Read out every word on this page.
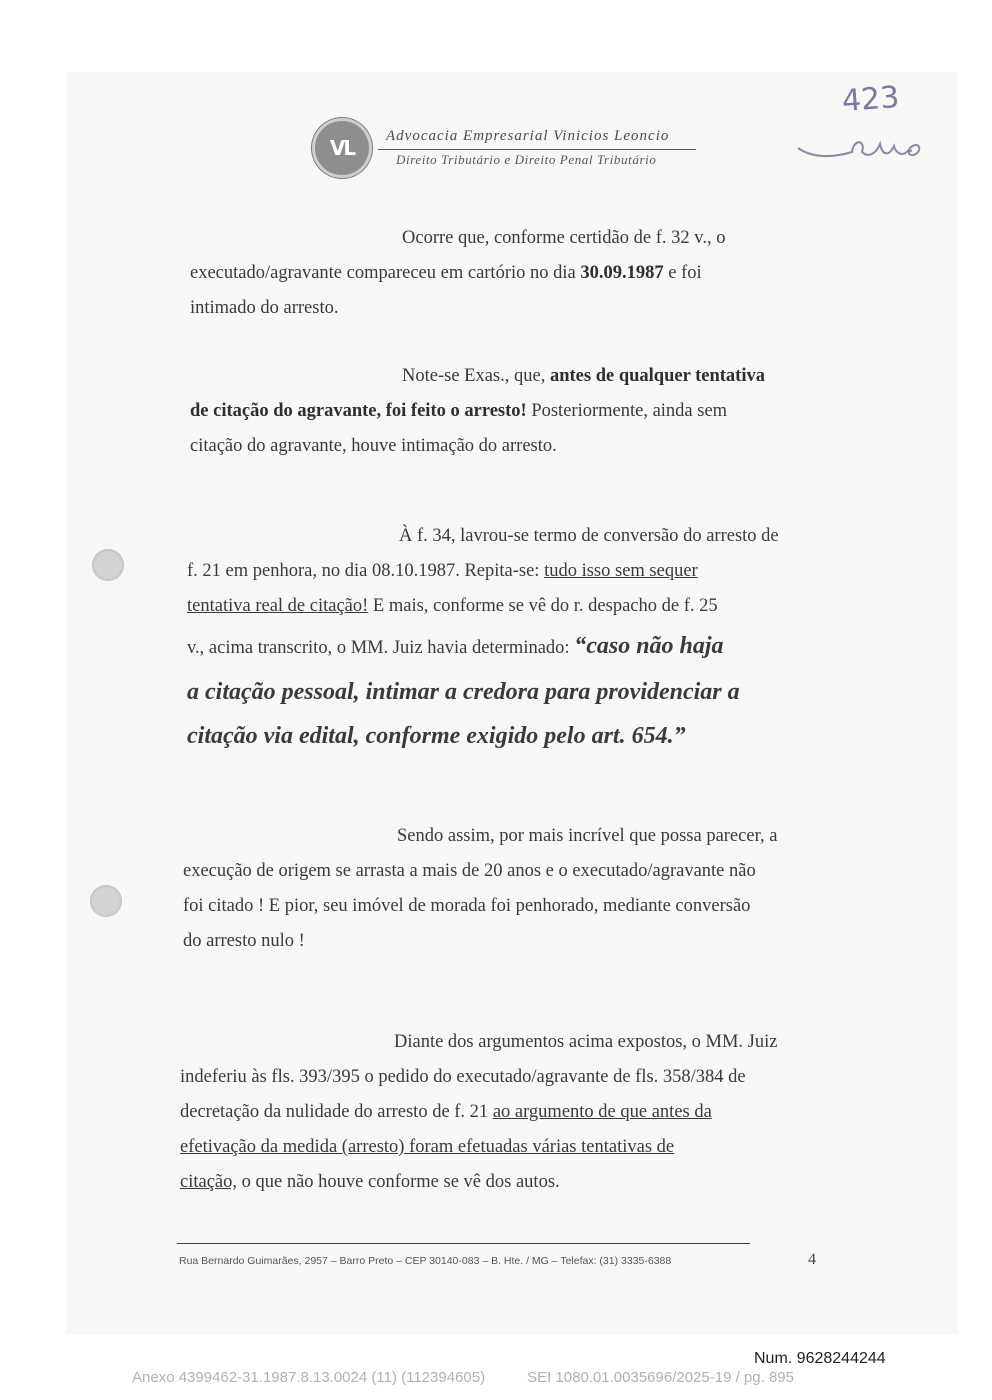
VL Advocacia Empresarial Vinicios Leoncio
Direito Tributário e Direito Penal Tributário
423
Ocorre que, conforme certidão de f. 32 v., o
executado/agravante compareceu em cartório no dia 30.09.1987 e foi
intimado do arresto.
Note-se Exas., que, antes de qualquer tentativa
de citação do agravante, foi feito o arresto! Posteriormente, ainda sem
citação do agravante, houve intimação do arresto.
À f. 34, lavrou-se termo de conversão do arresto de
f. 21 em penhora, no dia 08.10.1987. Repita-se: tudo isso sem sequer
tentativa real de citação! E mais, conforme se vê do r. despacho de f. 25
v., acima transcrito, o MM. Juiz havia determinado: “caso não haja
a citação pessoal, intimar a credora para providenciar a
citação via edital, conforme exigido pelo art. 654.”
Sendo assim, por mais incrível que possa parecer, a
execução de origem se arrasta a mais de 20 anos e o executado/agravante não
foi citado ! E pior, seu imóvel de morada foi penhorado, mediante conversão
do arresto nulo !
Diante dos argumentos acima expostos, o MM. Juiz
indeferiu às fls. 393/395 o pedido do executado/agravante de fls. 358/384 de
decretação da nulidade do arresto de f. 21 ao argumento de que antes da
efetivação da medida (arresto) foram efetuadas várias tentativas de
citação, o que não houve conforme se vê dos autos.
Rua Bernardo Guimarães, 2957 – Barro Preto – CEP 30140-083 – B. Hte. / MG – Telefax: (31) 3335-6388	4
Num. 9628244244
Anexo 4399462-31.1987.8.13.0024 (11) (112394605)	SEI 1080.01.0035696/2025-19 / pg. 895
